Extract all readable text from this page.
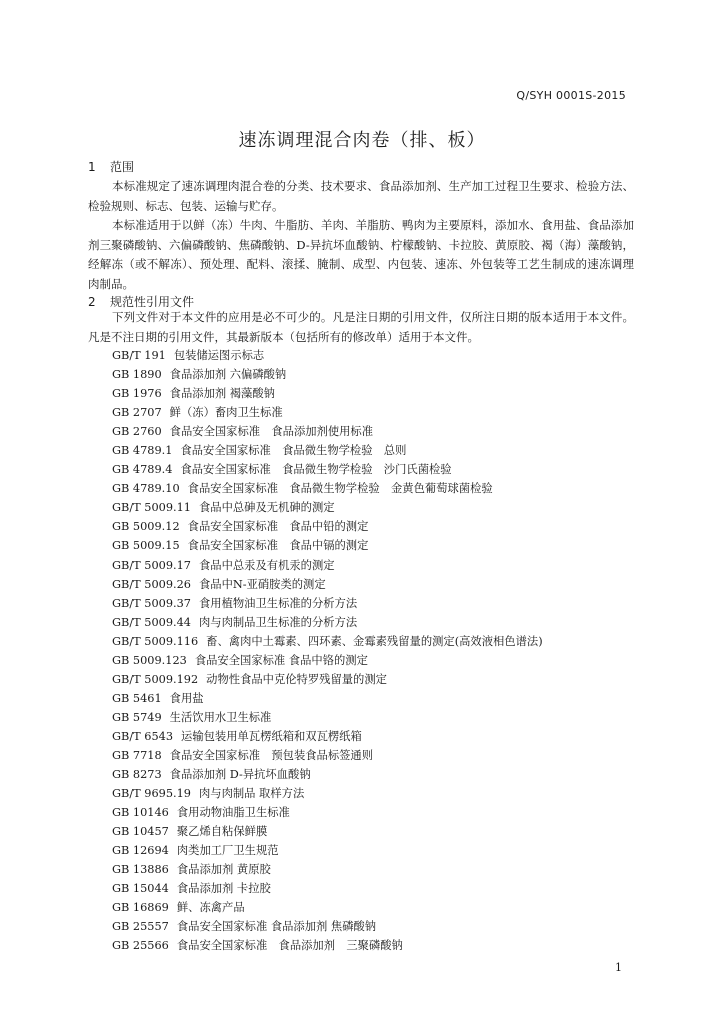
Q/SYH 0001S-2015
速冻调理混合肉卷（排、板）
1 范围

本标准规定了速冻调理肉混合卷的分类、技术要求、食品添加剂、生产加工过程卫生要求、检验方法、检验规则、标志、包装、运输与贮存。

本标准适用于以鲜（冻）牛肉、牛脂肪、羊肉、羊脂肪、鸭肉为主要原料，添加水、食用盐、食品添加剂三聚磷酸钠、六偏磷酸钠、焦磷酸钠、D-异抗坏血酸钠、柠檬酸钠、卡拉胶、黄原胶、褐（海）藻酸钠，经解冻（或不解冻）、预处理、配料、滚揉、腌制、成型、内包装、速冻、外包装等工艺生制成的速冻调理肉制品。

2 规范性引用文件

下列文件对于本文件的应用是必不可少的。凡是注日期的引用文件，仅所注日期的版本适用于本文件。凡是不注日期的引用文件，其最新版本（包括所有的修改单）适用于本文件。

GB/T 191 包装储运图示标志
GB 1890 食品添加剂 六偏磷酸钠
GB 1976 食品添加剂 褐藻酸钠
GB 2707 鲜（冻）畜肉卫生标准
GB 2760 食品安全国家标准　食品添加剂使用标准
GB 4789.1 食品安全国家标准　食品微生物学检验　总则
GB 4789.4 食品安全国家标准　食品微生物学检验　沙门氏菌检验
GB 4789.10 食品安全国家标准　食品微生物学检验　金黄色葡萄球菌检验
GB/T 5009.11 食品中总砷及无机砷的测定
GB 5009.12 食品安全国家标准　食品中铅的测定
GB 5009.15 食品安全国家标准　食品中镉的测定
GB/T 5009.17 食品中总汞及有机汞的测定
GB/T 5009.26 食品中N-亚硝胺类的测定
GB/T 5009.37 食用植物油卫生标准的分析方法
GB/T 5009.44 肉与肉制品卫生标准的分析方法
GB/T 5009.116 畜、禽肉中土霉素、四环素、金霉素残留量的测定(高效液相色谱法)
GB 5009.123 食品安全国家标准 食品中铬的测定
GB/T 5009.192 动物性食品中克伦特罗残留量的测定
GB 5461 食用盐
GB 5749 生活饮用水卫生标准
GB/T 6543 运输包装用单瓦楞纸箱和双瓦楞纸箱
GB 7718 食品安全国家标准　预包装食品标签通则
GB 8273 食品添加剂 D-异抗坏血酸钠
GB/T 9695.19 肉与肉制品 取样方法
GB 10146 食用动物油脂卫生标准
GB 10457 聚乙烯自粘保鲜膜
GB 12694 肉类加工厂卫生规范
GB 13886 食品添加剂 黄原胶
GB 15044 食品添加剂 卡拉胶
GB 16869 鲜、冻禽产品
GB 25557 食品安全国家标准 食品添加剂 焦磷酸钠
GB 25566 食品安全国家标准　食品添加剂　三聚磷酸钠
1
